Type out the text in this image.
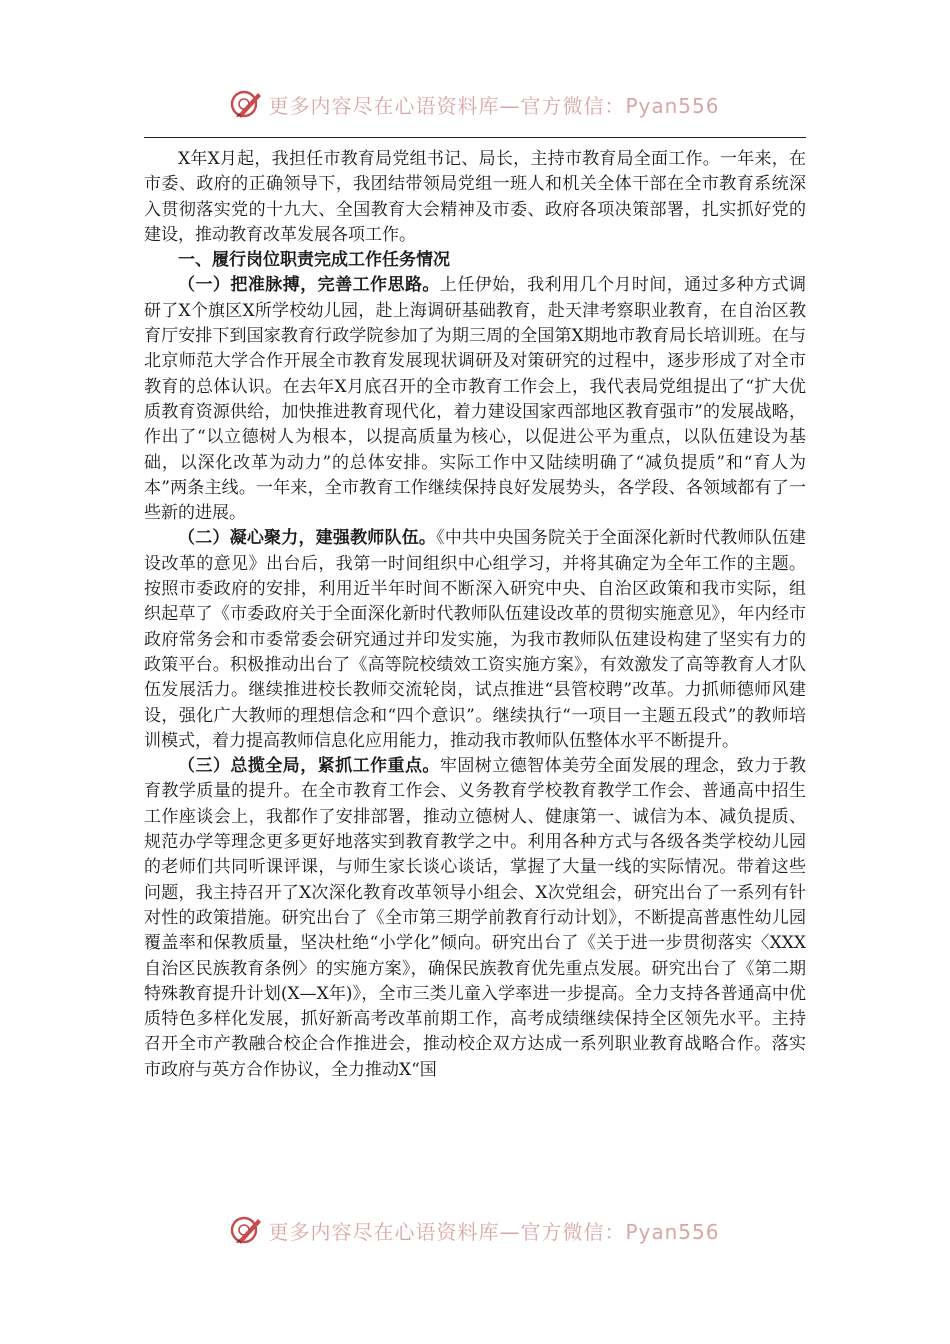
更多内容尽在心语资料库—官方微信：Pyan556

X年X月起，我担任市教育局党组书记、局长，主持市教育局全面工作。一年来，在市委、政府的正确领导下，我团结带领局党组一班人和机关全体干部在全市教育系统深入贯彻落实党的十九大、全国教育大会精神及市委、政府各项决策部署，扎实抓好党的建设，推动教育改革发展各项工作。

一、履行岗位职责完成工作任务情况

（一）把准脉搏，完善工作思路。上任伊始，我利用几个月时间，通过多种方式调研了X个旗区X所学校幼儿园，赴上海调研基础教育，赴天津考察职业教育，在自治区教育厅安排下到国家教育行政学院参加了为期三周的全国第X期地市教育局长培训班。在与北京师范大学合作开展全市教育发展现状调研及对策研究的过程中，逐步形成了对全市教育的总体认识。在去年X月底召开的全市教育工作会上，我代表局党组提出了“扩大优质教育资源供给，加快推进教育现代化，着力建设国家西部地区教育强市”的发展战略，作出了“以立德树人为根本，以提高质量为核心，以促进公平为重点，以队伍建设为基础，以深化改革为动力”的总体安排。实际工作中又陆续明确了“减负提质”和“育人为本”两条主线。一年来，全市教育工作继续保持良好发展势头，各学段、各领域都有了一些新的进展。

（二）凝心聚力，建强教师队伍。《中共中央国务院关于全面深化新时代教师队伍建设改革的意见》出台后，我第一时间组织中心组学习，并将其确定为全年工作的主题。按照市委政府的安排，利用近半年时间不断深入研究中央、自治区政策和我市实际，组织起草了《市委政府关于全面深化新时代教师队伍建设改革的贯彻实施意见》，年内经市政府常务会和市委常委会研究通过并印发实施，为我市教师队伍建设构建了坚实有力的政策平台。积极推动出台了《高等院校绩效工资实施方案》，有效激发了高等教育人才队伍发展活力。继续推进校长教师交流轮岗，试点推进“县管校聘”改革。力抓师德师风建设，强化广大教师的理想信念和“四个意识”。继续执行“一项目一主题五段式”的教师培训模式，着力提高教师信息化应用能力，推动我市教师队伍整体水平不断提升。

（三）总揽全局，紧抓工作重点。牢固树立德智体美劳全面发展的理念，致力于教育教学质量的提升。在全市教育工作会、义务教育学校教育教学工作会、普通高中招生工作座谈会上，我都作了安排部署，推动立德树人、健康第一、诚信为本、减负提质、规范办学等理念更多更好地落实到教育教学之中。利用各种方式与各级各类学校幼儿园的老师们共同听课评课，与师生家长谈心谈话，掌握了大量一线的实际情况。带着这些问题，我主持召开了X次深化教育改革领导小组会、X次党组会，研究出台了一系列有针对性的政策措施。研究出台了《全市第三期学前教育行动计划》，不断提高普惠性幼儿园覆盖率和保教质量，坚决杜绝“小学化”倾向。研究出台了《关于进一步贯彻落实〈XXX自治区民族教育条例〉的实施方案》，确保民族教育优先重点发展。研究出台了《第二期特殊教育提升计划(X—X年)》，全市三类儿童入学率进一步提高。全力支持各普通高中优质特色多样化发展，抓好新高考改革前期工作，高考成绩继续保持全区领先水平。主持召开全市产教融合校企合作推进会，推动校企双方达成一系列职业教育战略合作。落实市政府与英方合作协议，全力推动X“国

更多内容尽在心语资料库—官方微信：Pyan556
